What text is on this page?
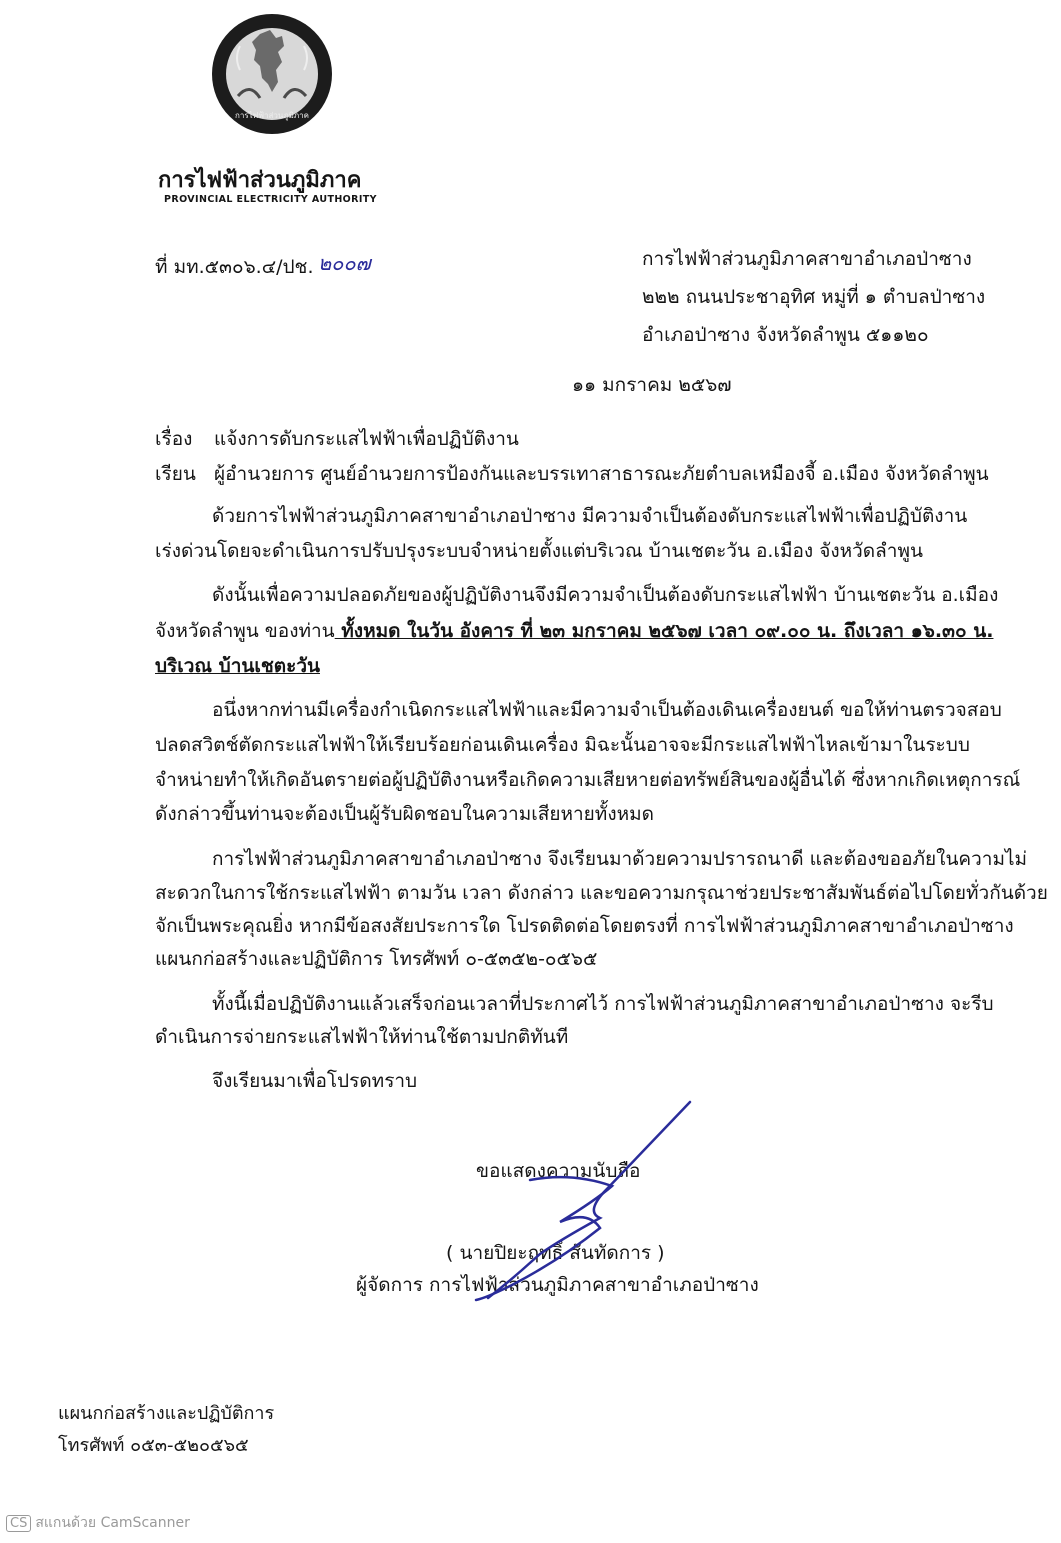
การไฟฟ้าส่วนภูมิภาค
การไฟฟ้าส่วนภูมิภาค
PROVINCIAL ELECTRICITY AUTHORITY
ที่ มท.๕๓๐๖.๔/ปช. ๒๐๐๗	การไฟฟ้าส่วนภูมิภาคสาขาอำเภอป่าซาง
๒๒๒ ถนนประชาอุทิศ หมู่ที่ ๑ ตำบลป่าซาง
อำเภอป่าซาง จังหวัดลำพูน ๕๑๑๒๐
๑๑ มกราคม ๒๕๖๗
เรื่อง แจ้งการดับกระแสไฟฟ้าเพื่อปฏิบัติงาน
เรียน ผู้อำนวยการ ศูนย์อำนวยการป้องกันและบรรเทาสาธารณะภัยตำบลเหมืองจี้ อ.เมือง จังหวัดลำพูน
ด้วยการไฟฟ้าส่วนภูมิภาคสาขาอำเภอป่าซาง มีความจำเป็นต้องดับกระแสไฟฟ้าเพื่อปฏิบัติงาน
เร่งด่วนโดยจะดำเนินการปรับปรุงระบบจำหน่ายตั้งแต่บริเวณ บ้านเชตะวัน อ.เมือง จังหวัดลำพูน
ดังนั้นเพื่อความปลอดภัยของผู้ปฏิบัติงานจึงมีความจำเป็นต้องดับกระแสไฟฟ้า บ้านเชตะวัน อ.เมือง
จังหวัดลำพูน ของท่าน ทั้งหมด ในวัน อังคาร ที่ ๒๓ มกราคม ๒๕๖๗ เวลา ๐๙.๐๐ น. ถึงเวลา ๑๖.๓๐ น.
บริเวณ บ้านเชตะวัน
อนึ่งหากท่านมีเครื่องกำเนิดกระแสไฟฟ้าและมีความจำเป็นต้องเดินเครื่องยนต์ ขอให้ท่านตรวจสอบ
ปลดสวิตช์ตัดกระแสไฟฟ้าให้เรียบร้อยก่อนเดินเครื่อง มิฉะนั้นอาจจะมีกระแสไฟฟ้าไหลเข้ามาในระบบ
จำหน่ายทำให้เกิดอันตรายต่อผู้ปฏิบัติงานหรือเกิดความเสียหายต่อทรัพย์สินของผู้อื่นได้ ซึ่งหากเกิดเหตุการณ์
ดังกล่าวขึ้นท่านจะต้องเป็นผู้รับผิดชอบในความเสียหายทั้งหมด
การไฟฟ้าส่วนภูมิภาคสาขาอำเภอป่าซาง จึงเรียนมาด้วยความปรารถนาดี และต้องขออภัยในความไม่
สะดวกในการใช้กระแสไฟฟ้า ตามวัน เวลา ดังกล่าว และขอความกรุณาช่วยประชาสัมพันธ์ต่อไปโดยทั่วกันด้วย
จักเป็นพระคุณยิ่ง หากมีข้อสงสัยประการใด โปรดติดต่อโดยตรงที่ การไฟฟ้าส่วนภูมิภาคสาขาอำเภอป่าซาง
แผนกก่อสร้างและปฏิบัติการ โทรศัพท์ ๐-๕๓๕๒-๐๕๖๕
ทั้งนี้เมื่อปฏิบัติงานแล้วเสร็จก่อนเวลาที่ประกาศไว้ การไฟฟ้าส่วนภูมิภาคสาขาอำเภอป่าซาง จะรีบ
ดำเนินการจ่ายกระแสไฟฟ้าให้ท่านใช้ตามปกติทันที
จึงเรียนมาเพื่อโปรดทราบ
ขอแสดงความนับถือ
( นายปิยะฤทธิ์ สันทัดการ )
ผู้จัดการ การไฟฟ้าส่วนภูมิภาคสาขาอำเภอป่าซาง
แผนกก่อสร้างและปฏิบัติการ
โทรศัพท์ ๐๕๓-๕๒๐๕๖๕
CS สแกนด้วย CamScanner
